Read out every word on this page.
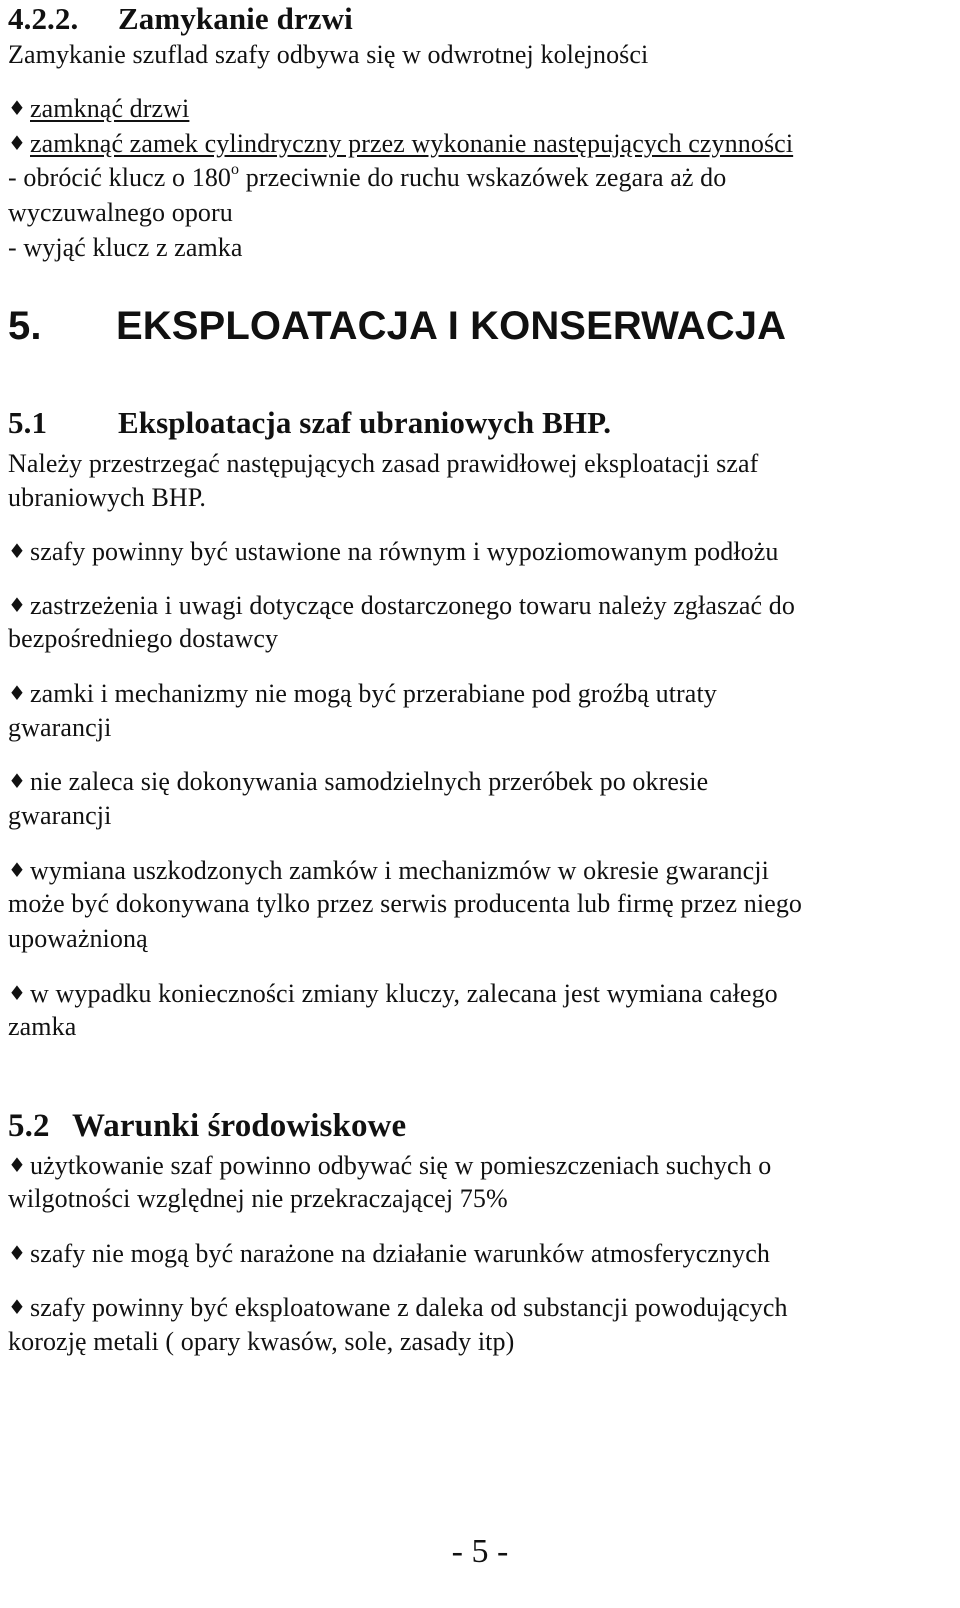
4.2.2. Zamykanie drzwi
Zamykanie szuflad szafy odbywa się w odwrotnej kolejności
♦ zamknąć drzwi
♦ zamknąć zamek cylindryczny przez wykonanie następujących czynności
- obrócić klucz o 180$^o$ przeciwnie do ruchu wskazówek zegara aż do
wyczuwalnego oporu
- wyjąć klucz z zamka
5. EKSPLOATACJA I KONSERWACJA
5.1 Eksploatacja szaf ubraniowych BHP.
Należy przestrzegać następujących zasad prawidłowej eksploatacji szaf
ubraniowych BHP.
♦ szafy powinny być ustawione na równym i wypoziomowanym podłożu
♦ zastrzeżenia i uwagi dotyczące dostarczonego towaru należy zgłaszać do
bezpośredniego dostawcy
♦ zamki i mechanizmy nie mogą być przerabiane pod groźbą utraty
gwarancji
♦ nie zaleca się dokonywania samodzielnych przeróbek po okresie
gwarancji
♦ wymiana uszkodzonych zamków i mechanizmów w okresie gwarancji
może być dokonywana tylko przez serwis producenta lub firmę przez niego
upoważnioną
♦ w wypadku konieczności zmiany kluczy, zalecana jest wymiana całego
zamka
5.2 Warunki środowiskowe
♦ użytkowanie szaf powinno odbywać się w pomieszczeniach suchych o
wilgotności względnej nie przekraczającej 75%
♦ szafy nie mogą być narażone na działanie warunków atmosferycznych
♦ szafy powinny być eksploatowane z daleka od substancji powodujących
korozję metali ( opary kwasów, sole, zasady itp)
- 5 -
